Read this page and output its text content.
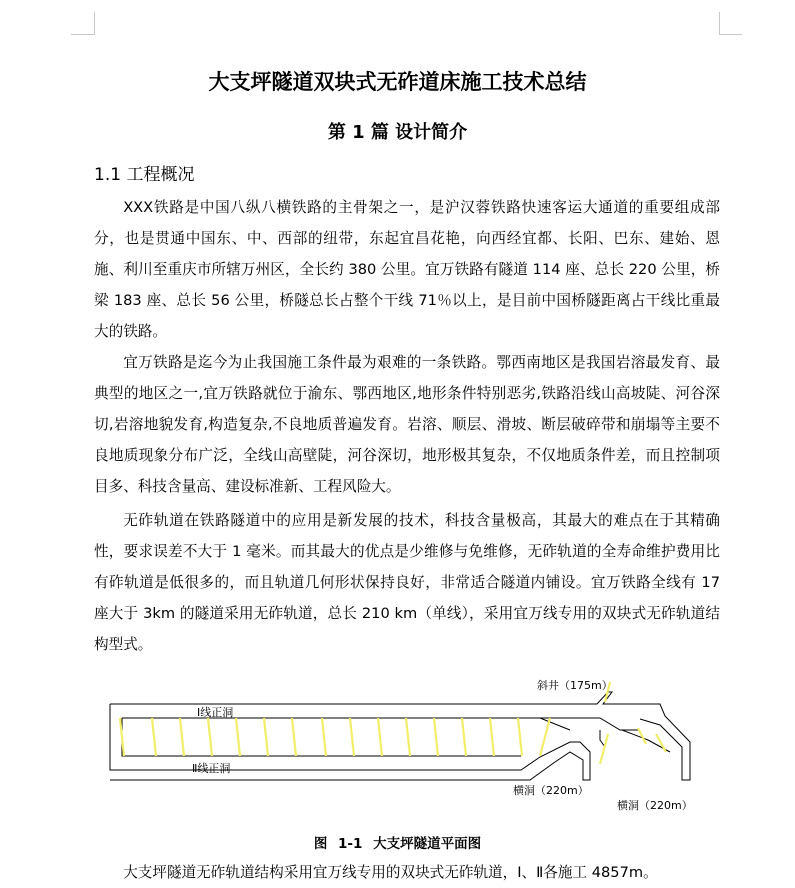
大支坪隧道双块式无砟道床施工技术总结
第 1 篇 设计简介
1.1 工程概况

XXX铁路是中国八纵八横铁路的主骨架之一，是沪汉蓉铁路快速客运大通道的重要组成部分，也是贯通中国东、中、西部的纽带，东起宜昌花艳，向西经宜都、长阳、巴东、建始、恩施、利川至重庆市所辖万州区，全长约 380 公里。宜万铁路有隧道 114 座、总长 220 公里，桥梁 183 座、总长 56 公里，桥隧总长占整个干线 71％以上，是目前中国桥隧距离占干线比重最大的铁路。

宜万铁路是迄今为止我国施工条件最为艰难的一条铁路。鄂西南地区是我国岩溶最发育、最典型的地区之一,宜万铁路就位于渝东、鄂西地区,地形条件特别恶劣,铁路沿线山高坡陡、河谷深切,岩溶地貌发育,构造复杂,不良地质普遍发育。岩溶、顺层、滑坡、断层破碎带和崩塌等主要不良地质现象分布广泛，全线山高壁陡，河谷深切，地形极其复杂，不仅地质条件差，而且控制项目多、科技含量高、建设标准新、工程风险大。

无砟轨道在铁路隧道中的应用是新发展的技术，科技含量极高，其最大的难点在于其精确性，要求误差不大于 1 毫米。而其最大的优点是少维修与免维修，无砟轨道的全寿命维护费用比有砟轨道是低很多的，而且轨道几何形状保持良好，非常适合隧道内铺设。宜万铁路全线有 17 座大于 3km 的隧道采用无砟轨道，总长 210 km（单线），采用宜万线专用的双块式无砟轨道结构型式。

Ⅰ线正洞
Ⅱ线正洞
斜井（175m）
横洞（220m）
横洞（220m）
图 1-1 大支坪隧道平面图

大支坪隧道无砟轨道结构采用宜万线专用的双块式无砟轨道，Ⅰ、Ⅱ各施工 4857m。
